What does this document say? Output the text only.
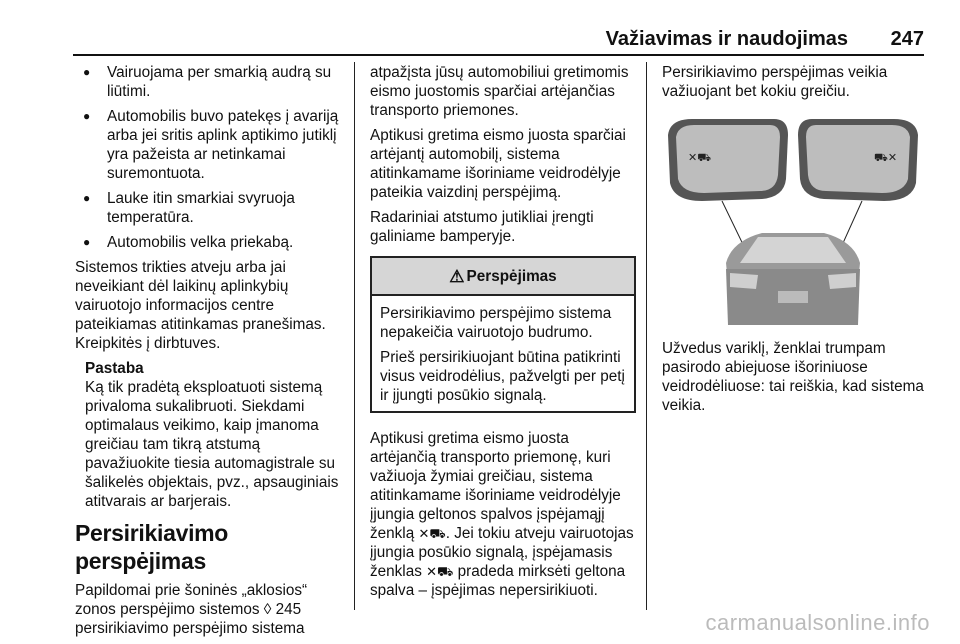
Važiavimas ir naudojimas 247
● Vairuojama per smarkią audrą su liūtimi.
● Automobilis buvo patekęs į avariją arba jei sritis aplink aptikimo jutiklį yra pažeista ar netinkamai suremontuota.
● Lauke itin smarkiai svyruoja temperatūra.
● Automobilis velka priekabą.

Sistemos trikties atveju arba jai neveikiant dėl laikinų aplinkybių vairuotojo informacijos centre pateikiamas atitinkamas pranešimas. Kreipkitės į dirbtuves.

Pastaba
Ką tik pradėtą eksploatuoti sistemą privaloma sukalibruoti. Siekdami optimalaus veikimo, kaip įmanoma greičiau tam tikrą atstumą pavažiuokite tiesia automagistrale su šalikelės objektais, pvz., apsauginiais atitvarais ar barjerais.
Persirikiavimo perspėjimas

Papildomai prie šoninės „aklosios“ zonos perspėjimo sistemos ◊ 245 persirikiavimo perspėjimo sistema

atpažįsta jūsų automobiliui gretimomis eismo juostomis sparčiai artėjančias transporto priemones.

Aptikusi gretima eismo juosta sparčiai artėjantį automobilį, sistema atitinkamame išoriniame veidrodėlyje pateikia vaizdinį perspėjimą.

Radariniai atstumo jutikliai įrengti galiniame bamperyje.

⚠ Perspėjimas

Persirikiavimo perspėjimo sistema nepakeičia vairuotojo budrumo.

Prieš persirikiuojant būtina patikrinti visus veidrodėlius, pažvelgti per petį ir įjungti posūkio signalą.

Aptikusi gretima eismo juosta artėjančią transporto priemonę, kuri važiuoja žymiai greičiau, sistema atitinkamame išoriniame veidrodėlyje įjungia geltonos spalvos įspėjamąjį ženklą ✕⛟. Jei tokiu atveju vairuotojas įjungia posūkio signalą, įspėjamasis ženklas ✕⛟ pradeda mirksėti geltona spalva – įspėjimas nepersirikiuoti.

Persirikiavimo perspėjimas veikia važiuojant bet kokiu greičiu.

✕⛟	⛟✕

Užvedus variklį, ženklai trumpam pasirodo abiejuose išoriniuose veidrodėliuose: tai reiškia, kad sistema veikia.

carmanualsonline.info
